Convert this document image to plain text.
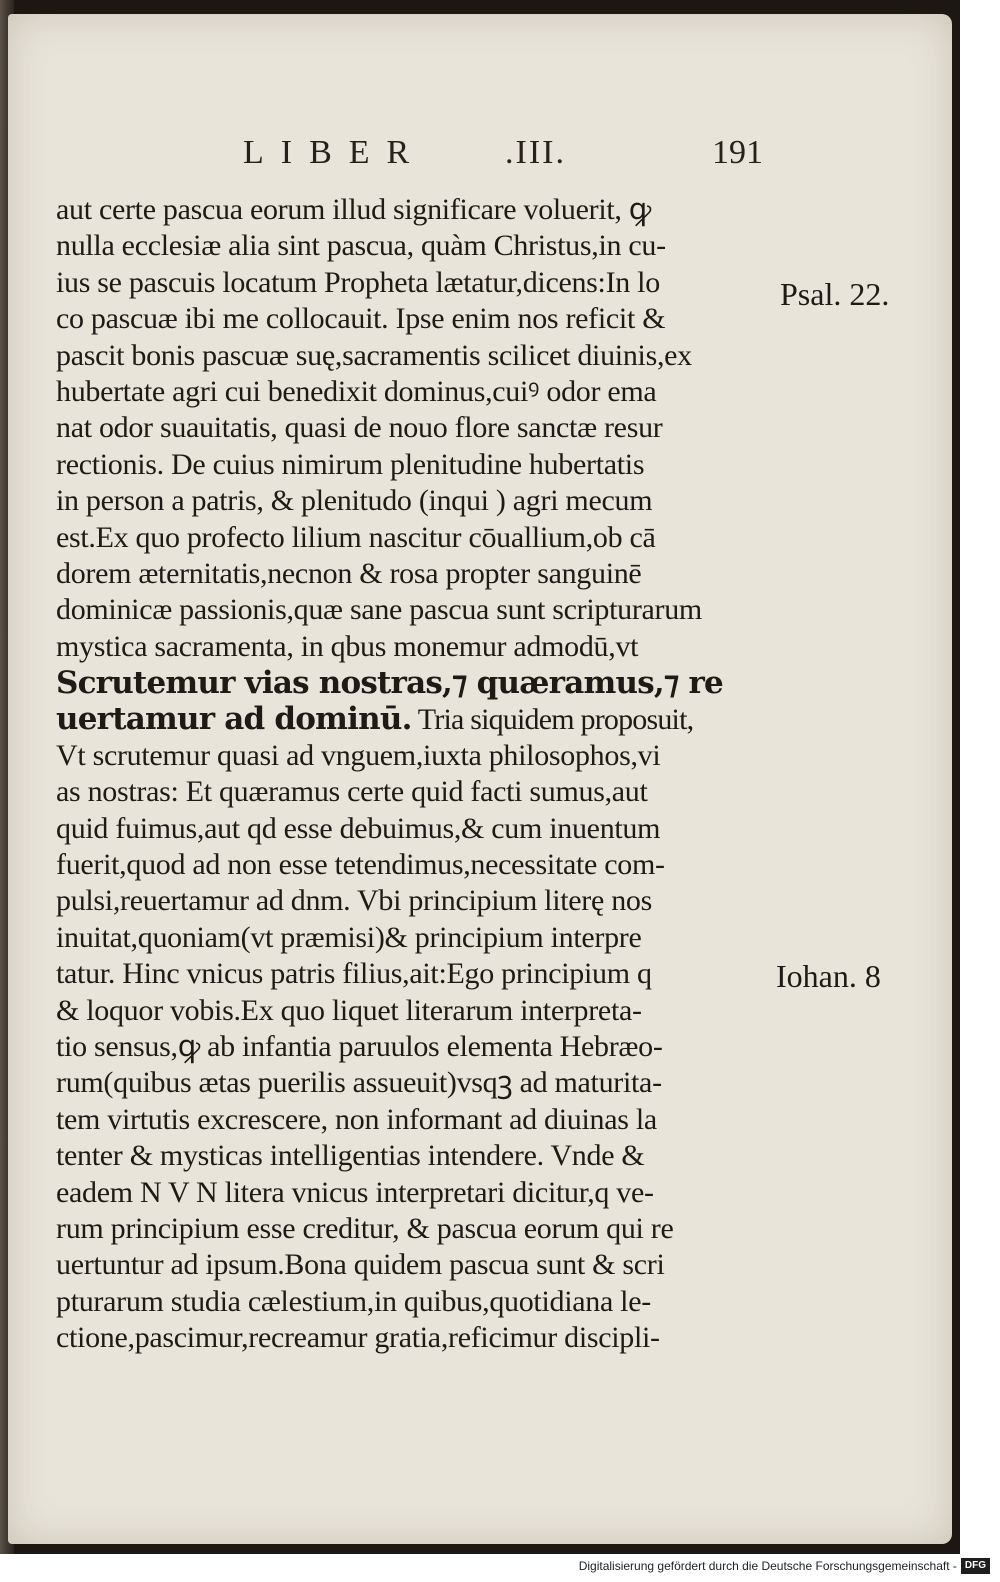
LIBER .III.	191
aut certe pascua eorum illud significare voluerit, ꝙ
nulla ecclesiæ alia sint pascua, quàm Christus,in cu-
ius se pascuis locatum Propheta lætatur,dicens:In lo
co pascuæ ibi me collocauit. Ipse enim nos reficit &
pascit bonis pascuæ suę,sacramentis scilicet diuinis,ex
hubertate agri cui benedixit dominus,cuiꝰ odor ema
nat odor suauitatis, quasi de nouo flore sanctæ resur
rectionis. De cuius nimirum plenitudine hubertatis
in person a patris, & plenitudo (inqui ) agri mecum
est.Ex quo profecto lilium nascitur cōuallium,ob cā
dorem æternitatis,necnon & rosa propter sanguinē
dominicæ passionis,quæ sane pascua sunt scripturarum
mystica sacramenta, in qbus monemur admodū,vt
Scrutemur vias nostras,⁊ quæramus,⁊ re
uertamur ad dominū. Tria siquidem proposuit,
Vt scrutemur quasi ad vnguem,iuxta philosophos,vi
as nostras: Et quæramus certe quid facti sumus,aut
quid fuimus,aut qd esse debuimus,& cum inuentum
fuerit,quod ad non esse tetendimus,necessitate com-
pulsi,reuertamur ad dnm. Vbi principium literę nos
inuitat,quoniam(vt præmisi)& principium interpre
tatur. Hinc vnicus patris filius,ait:Ego principium q
& loquor vobis.Ex quo liquet literarum interpreta-
tio sensus,ꝙ ab infantia paruulos elementa Hebræo-
rum(quibus ætas puerilis assueuit)vsqꝫ ad maturita-
tem virtutis excrescere, non informant ad diuinas la
tenter & mysticas intelligentias intendere. Vnde &
eadem N V N litera vnicus interpretari dicitur,q ve-
rum principium esse creditur, & pascua eorum qui re
uertuntur ad ipsum.Bona quidem pascua sunt & scri
pturarum studia cælestium,in quibus,quotidiana le-
ctione,pascimur,recreamur gratia,reficimur discipli-
Psal. 22.
Iohan. 8
Digitalisierung gefördert durch die Deutsche Forschungsgemeinschaft - DFG
